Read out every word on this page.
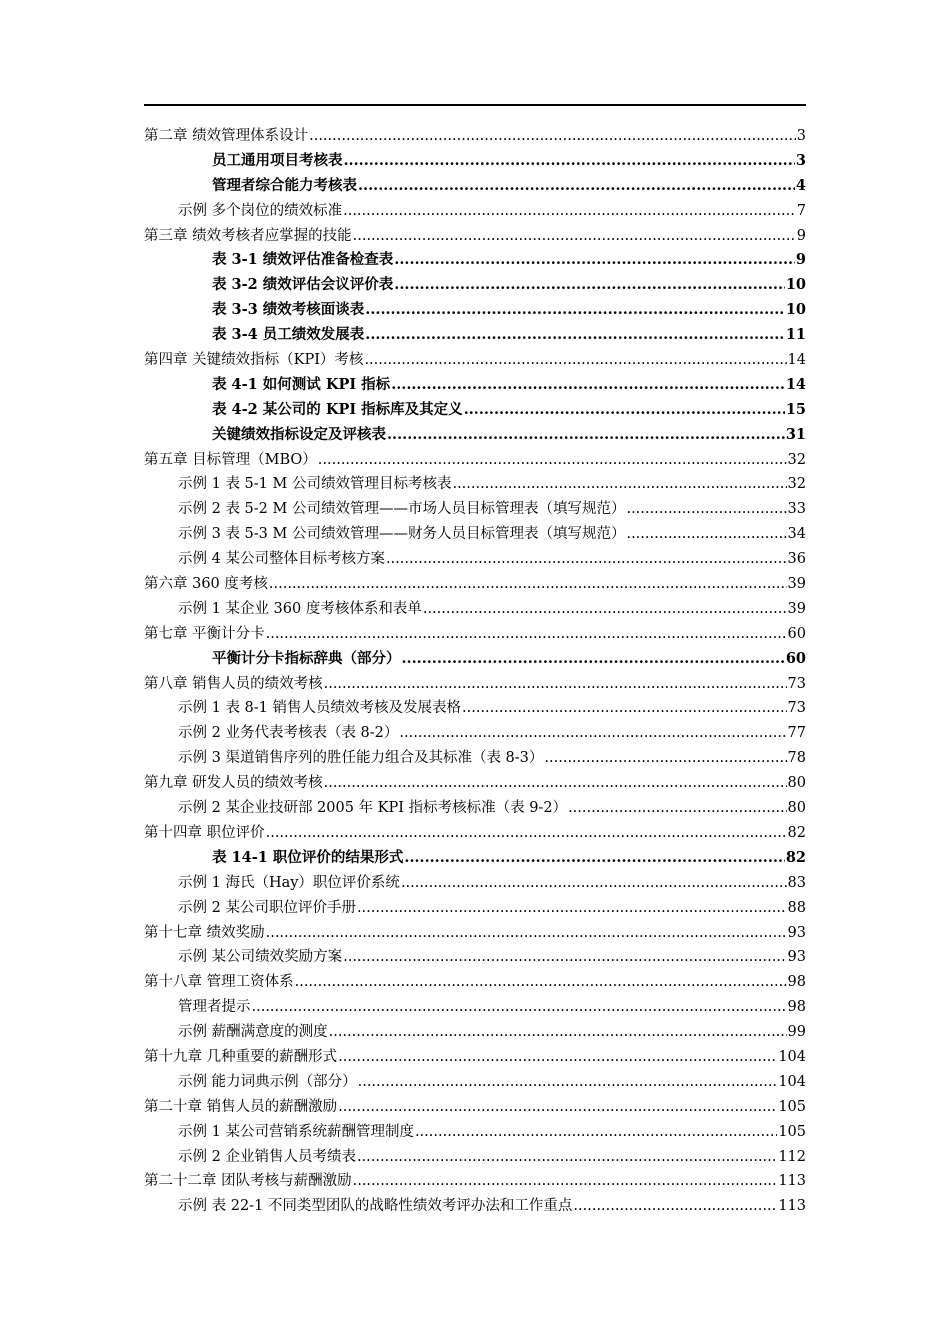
第二章 绩效管理体系设计 .....	3
员工通用项目考核表 .....	3
管理者综合能力考核表 .....	4
示例 多个岗位的绩效标准 .....	7
第三章 绩效考核者应掌握的技能 .....	9
表 3-1 绩效评估准备检查表 .....	9
表 3-2 绩效评估会议评价表 .....	10
表 3-3 绩效考核面谈表 .....	10
表 3-4 员工绩效发展表 .....	11
第四章 关键绩效指标（KPI）考核 .....	14
表 4-1 如何测试 KPI 指标 .....	14
表 4-2 某公司的 KPI 指标库及其定义 .....	15
关键绩效指标设定及评核表 .....	31
第五章 目标管理（MBO） .....	32
示例 1 表 5-1 M 公司绩效管理目标考核表 .....	32
示例 2 表 5-2 M 公司绩效管理——市场人员目标管理表（填写规范） .....	33
示例 3 表 5-3 M 公司绩效管理——财务人员目标管理表（填写规范） .....	34
示例 4 某公司整体目标考核方案 .....	36
第六章 360 度考核 .....	39
示例 1 某企业 360 度考核体系和表单 .....	39
第七章 平衡计分卡 .....	60
平衡计分卡指标辞典（部分） .....	60
第八章 销售人员的绩效考核 .....	73
示例 1 表 8-1 销售人员绩效考核及发展表格 .....	73
示例 2 业务代表考核表（表 8-2） .....	77
示例 3 渠道销售序列的胜任能力组合及其标准（表 8-3） .....	78
第九章 研发人员的绩效考核 .....	80
示例 2 某企业技研部 2005 年 KPI 指标考核标准（表 9-2） .....	80
第十四章 职位评价 .....	82
表 14-1 职位评价的结果形式 .....	82
示例 1 海氏（Hay）职位评价系统 .....	83
示例 2 某公司职位评价手册 .....	88
第十七章 绩效奖励 .....	93
示例 某公司绩效奖励方案 .....	93
第十八章 管理工资体系 .....	98
管理者提示 .....	98
示例 薪酬满意度的测度 .....	99
第十九章 几种重要的薪酬形式 .....	104
示例 能力词典示例（部分） .....	104
第二十章 销售人员的薪酬激励 .....	105
示例 1 某公司营销系统薪酬管理制度 .....	105
示例 2 企业销售人员考绩表 .....	112
第二十二章 团队考核与薪酬激励 .....	113
示例 表 22-1 不同类型团队的战略性绩效考评办法和工作重点 .....	113
